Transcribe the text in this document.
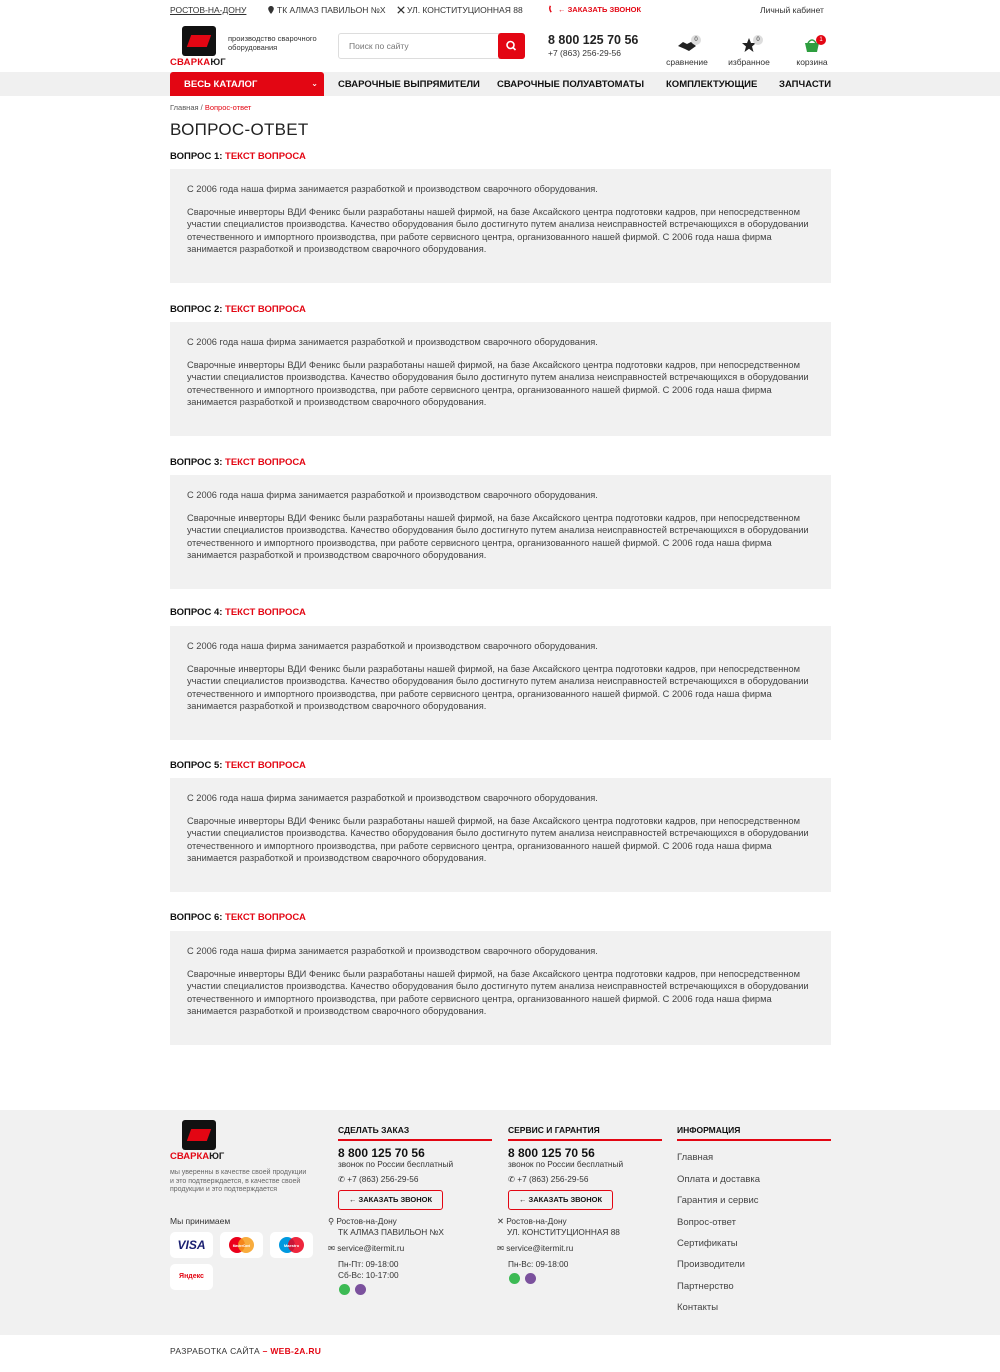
РОСТОВ-НА-ДОНУ	ТК АЛМАЗ ПАВИЛЬОН №Х	УЛ. КОНСТИТУЦИОННАЯ 88	← ЗАКАЗАТЬ ЗВОНОК	Личный кабинет
СВАРКАЮГ
производство сварочного оборудования
Поиск по сайту
8 800 125 70 56
+7 (863) 256-29-56
0
сравнение
0
избранное
1
корзина
ВЕСЬ КАТАЛОГ	⌄ СВАРОЧНЫЕ ВЫПРЯМИТЕЛИ СВАРОЧНЫЕ ПОЛУАВТОМАТЫ КОМПЛЕКТУЮЩИЕ ЗАПЧАСТИ
Главная / Вопрос-ответ
ВОПРОС-ОТВЕТ
ВОПРОС 1: ТЕКСТ ВОПРОСА

С 2006 года наша фирма занимается разработкой и производством сварочного оборудования.

Сварочные инверторы ВДИ Феникс были разработаны нашей фирмой, на базе Аксайского центра подготовки кадров, при непосредственном участии специалистов производства. Качество оборудования было достигнуто путем анализа неисправностей встречающихся в оборудовании отечественного и импортного производства, при работе сервисного центра, организованного нашей фирмой. С 2006 года наша фирма занимается разработкой и производством сварочного оборудования.

ВОПРОС 2: ТЕКСТ ВОПРОСА

С 2006 года наша фирма занимается разработкой и производством сварочного оборудования.

Сварочные инверторы ВДИ Феникс были разработаны нашей фирмой, на базе Аксайского центра подготовки кадров, при непосредственном участии специалистов производства. Качество оборудования было достигнуто путем анализа неисправностей встречающихся в оборудовании отечественного и импортного производства, при работе сервисного центра, организованного нашей фирмой. С 2006 года наша фирма занимается разработкой и производством сварочного оборудования.

ВОПРОС 3: ТЕКСТ ВОПРОСА

С 2006 года наша фирма занимается разработкой и производством сварочного оборудования.

Сварочные инверторы ВДИ Феникс были разработаны нашей фирмой, на базе Аксайского центра подготовки кадров, при непосредственном участии специалистов производства. Качество оборудования было достигнуто путем анализа неисправностей встречающихся в оборудовании отечественного и импортного производства, при работе сервисного центра, организованного нашей фирмой. С 2006 года наша фирма занимается разработкой и производством сварочного оборудования.

ВОПРОС 4: ТЕКСТ ВОПРОСА

С 2006 года наша фирма занимается разработкой и производством сварочного оборудования.

Сварочные инверторы ВДИ Феникс были разработаны нашей фирмой, на базе Аксайского центра подготовки кадров, при непосредственном участии специалистов производства. Качество оборудования было достигнуто путем анализа неисправностей встречающихся в оборудовании отечественного и импортного производства, при работе сервисного центра, организованного нашей фирмой. С 2006 года наша фирма занимается разработкой и производством сварочного оборудования.

ВОПРОС 5: ТЕКСТ ВОПРОСА

С 2006 года наша фирма занимается разработкой и производством сварочного оборудования.

Сварочные инверторы ВДИ Феникс были разработаны нашей фирмой, на базе Аксайского центра подготовки кадров, при непосредственном участии специалистов производства. Качество оборудования было достигнуто путем анализа неисправностей встречающихся в оборудовании отечественного и импортного производства, при работе сервисного центра, организованного нашей фирмой. С 2006 года наша фирма занимается разработкой и производством сварочного оборудования.

ВОПРОС 6: ТЕКСТ ВОПРОСА

С 2006 года наша фирма занимается разработкой и производством сварочного оборудования.

Сварочные инверторы ВДИ Феникс были разработаны нашей фирмой, на базе Аксайского центра подготовки кадров, при непосредственном участии специалистов производства. Качество оборудования было достигнуто путем анализа неисправностей встречающихся в оборудовании отечественного и импортного производства, при работе сервисного центра, организованного нашей фирмой. С 2006 года наша фирма занимается разработкой и производством сварочного оборудования.

СВАРКАЮГ
мы уверенны в качестве своей продукции и это подтверждается, в качестве своей продукции и это подтверждается
Мы принимаем
VISA	MasterCard	Maestro
Яндекс
СДЕЛАТЬ ЗАКАЗ
8 800 125 70 56
звонок по России бесплатный
✆ +7 (863) 256-29-56
← ЗАКАЗАТЬ ЗВОНОК
⚲ Ростов-на-Дону
ТК АЛМАЗ ПАВИЛЬОН №Х
✉ service@itermit.ru
Пн-Пт: 09-18:00
Сб-Вс: 10-17:00
СЕРВИС И ГАРАНТИЯ
8 800 125 70 56
звонок по России бесплатный
✆ +7 (863) 256-29-56
← ЗАКАЗАТЬ ЗВОНОК
✕ Ростов-на-Дону
УЛ. КОНСТИТУЦИОННАЯ 88
✉ service@itermit.ru
Пн-Вс: 09-18:00
ИНФОРМАЦИЯ
Главная
Оплата и доставка
Гарантия и сервис
Вопрос-ответ
Сертификаты
Производители
Партнерство
Контакты
РАЗРАБОТКА САЙТА – WEB-2A.RU
